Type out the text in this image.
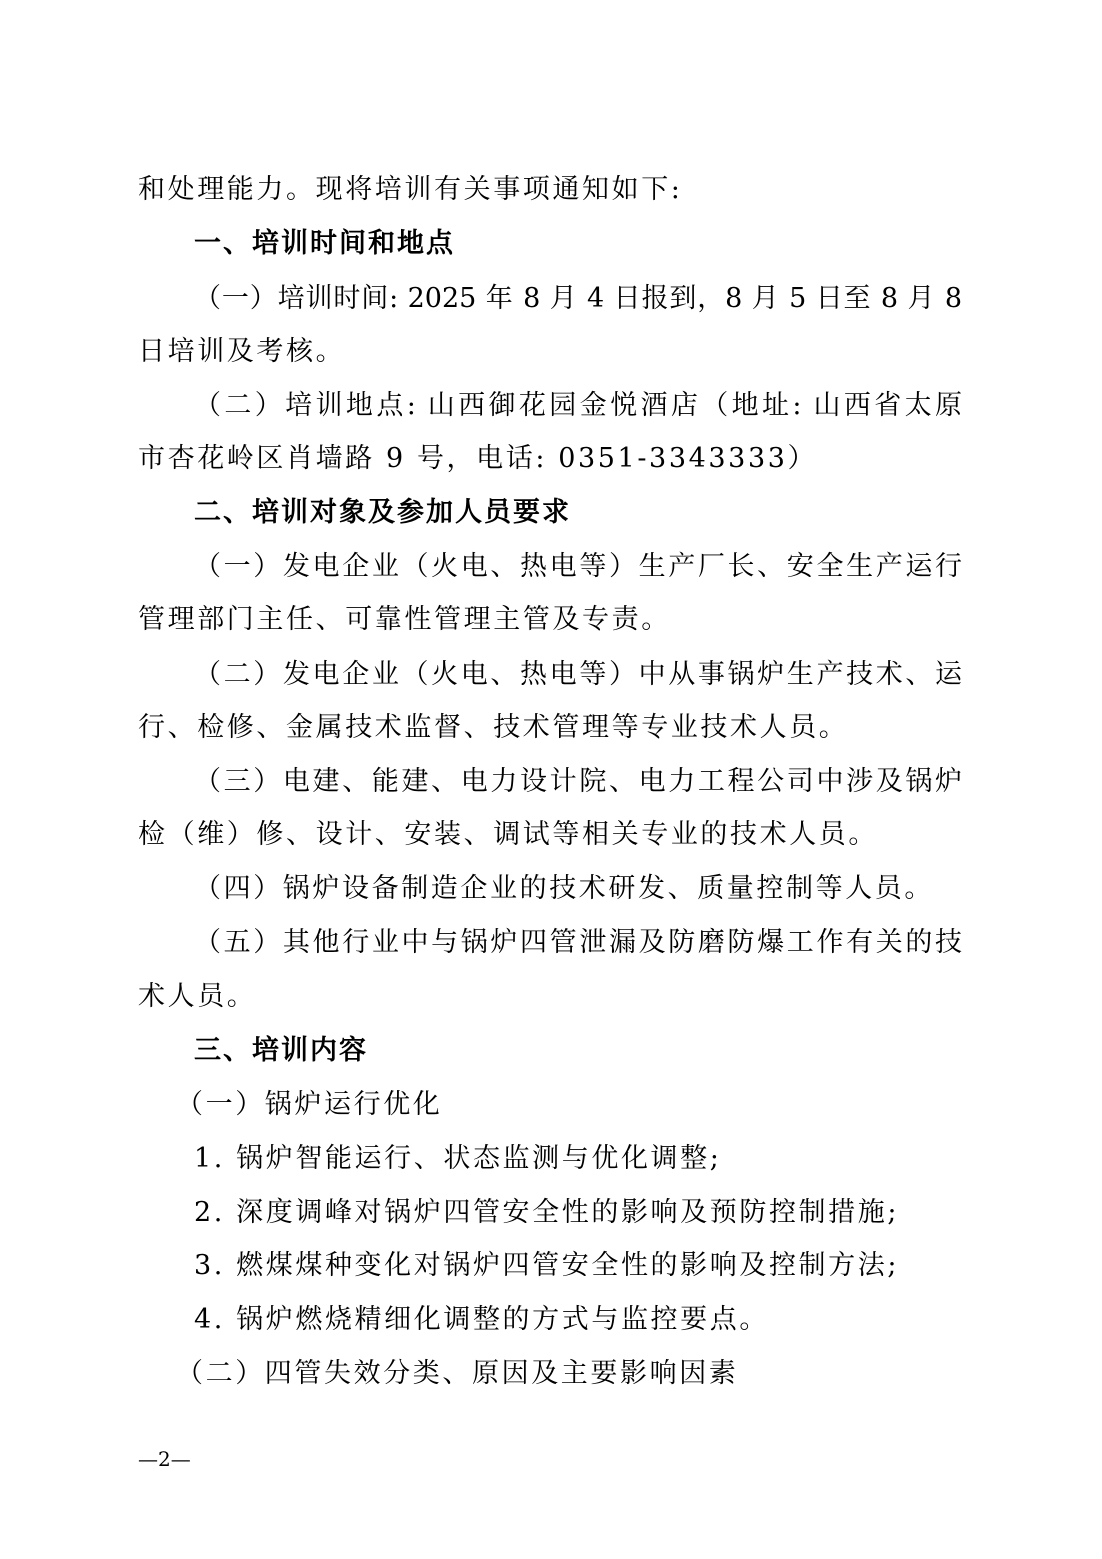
和处理能力。现将培训有关事项通知如下:
一、培训时间和地点
（一）培训时间: 2025 年 8 月 4 日报到，8 月 5 日至 8 月 8
日培训及考核。
（二）培训地点: 山西御花园金悦酒店（地址: 山西省太原
市杏花岭区肖墙路 9 号，电话: 0351-3343333）
二、培训对象及参加人员要求
（一）发电企业（火电、热电等）生产厂长、安全生产运行
管理部门主任、可靠性管理主管及专责。
（二）发电企业（火电、热电等）中从事锅炉生产技术、运
行、检修、金属技术监督、技术管理等专业技术人员。
（三）电建、能建、电力设计院、电力工程公司中涉及锅炉
检（维）修、设计、安装、调试等相关专业的技术人员。
（四）锅炉设备制造企业的技术研发、质量控制等人员。
（五）其他行业中与锅炉四管泄漏及防磨防爆工作有关的技
术人员。
三、培训内容
（一）锅炉运行优化
1. 锅炉智能运行、状态监测与优化调整;
2. 深度调峰对锅炉四管安全性的影响及预防控制措施;
3. 燃煤煤种变化对锅炉四管安全性的影响及控制方法;
4. 锅炉燃烧精细化调整的方式与监控要点。
（二）四管失效分类、原因及主要影响因素
—2—
